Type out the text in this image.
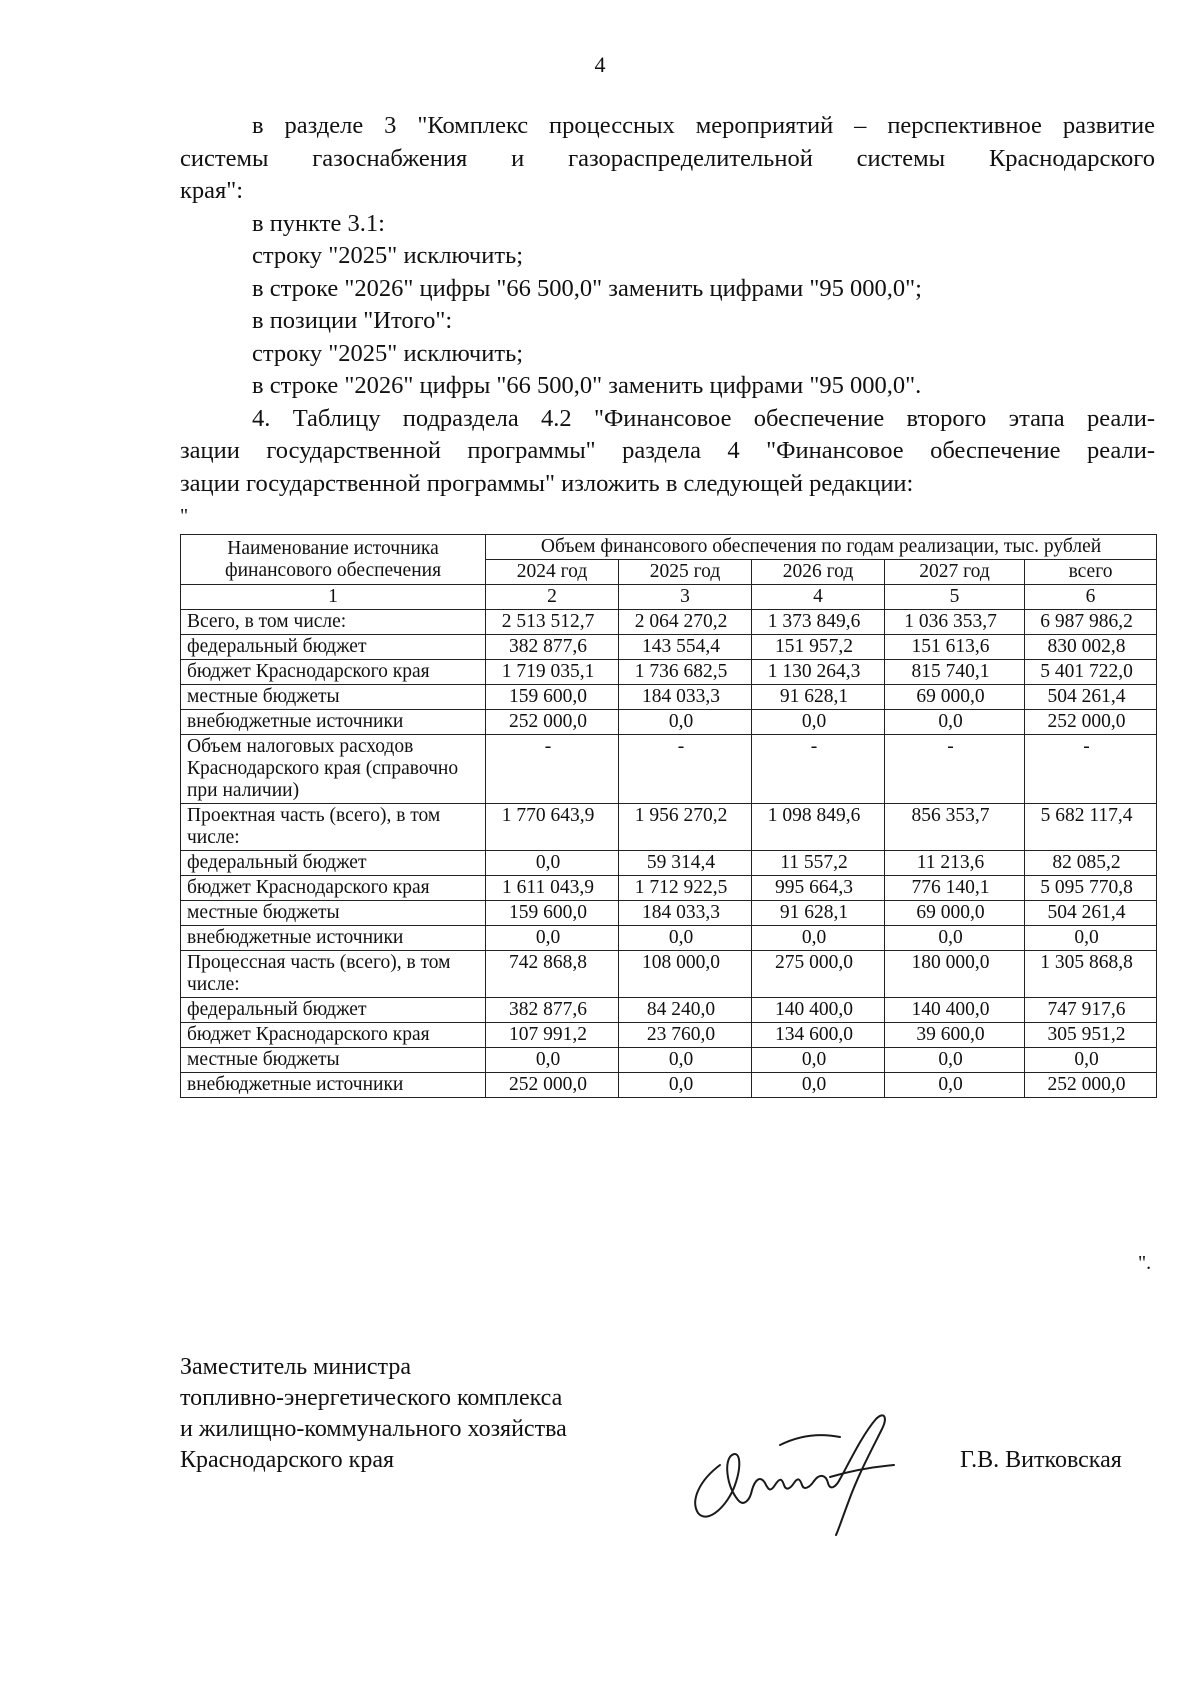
4

в разделе 3 "Комплекс процессных мероприятий – перспективное развитие

системы газоснабжения и газораспределительной системы Краснодарского

края":

в пункте 3.1:

строку "2025" исключить;

в строке "2026" цифры "66 500,0" заменить цифрами "95 000,0";

в позиции "Итого":

строку "2025" исключить;

в строке "2026" цифры "66 500,0" заменить цифрами "95 000,0".

4. Таблицу подраздела 4.2 "Финансовое обеспечение второго этапа реали-

зации государственной программы" раздела 4 "Финансовое обеспечение реали-

зации государственной программы" изложить в следующей редакции:

"
Наименование источника финансового обеспечения	Объем финансового обеспечения по годам реализации, тыс. рублей				
	2024 год	2025 год	2026 год	2027 год	всего
1	2	3	4	5	6
Всего, в том числе:	2 513 512,7	2 064 270,2	1 373 849,6	1 036 353,7	6 987 986,2
федеральный бюджет	382 877,6	143 554,4	151 957,2	151 613,6	830 002,8
бюджет Краснодарского края	1 719 035,1	1 736 682,5	1 130 264,3	815 740,1	5 401 722,0
местные бюджеты	159 600,0	184 033,3	91 628,1	69 000,0	504 261,4
внебюджетные источники	252 000,0	0,0	0,0	0,0	252 000,0
Объем налоговых расходов Краснодарского края (справочно при наличии)	-	-	-	-	-
Проектная часть (всего), в том числе:	1 770 643,9	1 956 270,2	1 098 849,6	856 353,7	5 682 117,4
федеральный бюджет	0,0	59 314,4	11 557,2	11 213,6	82 085,2
бюджет Краснодарского края	1 611 043,9	1 712 922,5	995 664,3	776 140,1	5 095 770,8
местные бюджеты	159 600,0	184 033,3	91 628,1	69 000,0	504 261,4
внебюджетные источники	0,0	0,0	0,0	0,0	0,0
Процессная часть (всего), в том числе:	742 868,8	108 000,0	275 000,0	180 000,0	1 305 868,8
федеральный бюджет	382 877,6	84 240,0	140 400,0	140 400,0	747 917,6
бюджет Краснодарского края	107 991,2	23 760,0	134 600,0	39 600,0	305 951,2
местные бюджеты	0,0	0,0	0,0	0,0	0,0
внебюджетные источники	252 000,0	0,0	0,0	0,0	252 000,0
".
Заместитель министра
топливно-энергетического комплекса
и жилищно-коммунального хозяйства
Краснодарского края	Г.В. Витковская
